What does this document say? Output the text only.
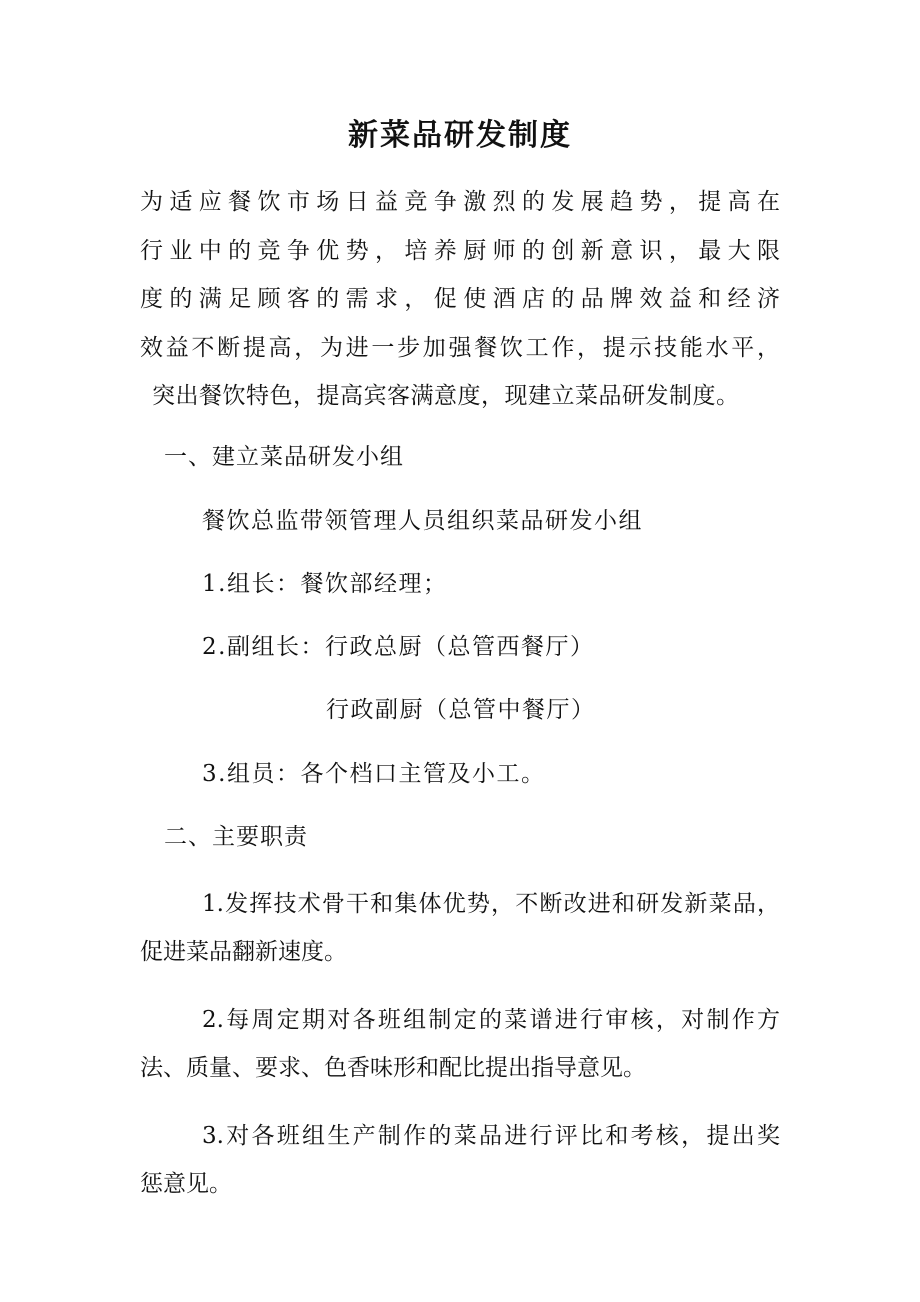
新菜品研发制度

为适应餐饮市场日益竞争激烈的发展趋势，提高在
行业中的竞争优势，培养厨师的创新意识，最大限
度的满足顾客的需求，促使酒店的品牌效益和经济
效益不断提高，为进一步加强餐饮工作，提示技能水平，
突出餐饮特色，提高宾客满意度，现建立菜品研发制度。

一、建立菜品研发小组

餐饮总监带领管理人员组织菜品研发小组

1.组长：餐饮部经理；

2.副组长：行政总厨（总管西餐厅）

行政副厨（总管中餐厅）

3.组员：各个档口主管及小工。

二、主要职责

1.发挥技术骨干和集体优势，不断改进和研发新菜品，
促进菜品翻新速度。

2.每周定期对各班组制定的菜谱进行审核，对制作方
法、质量、要求、色香味形和配比提出指导意见。

3.对各班组生产制作的菜品进行评比和考核，提出奖
惩意见。
